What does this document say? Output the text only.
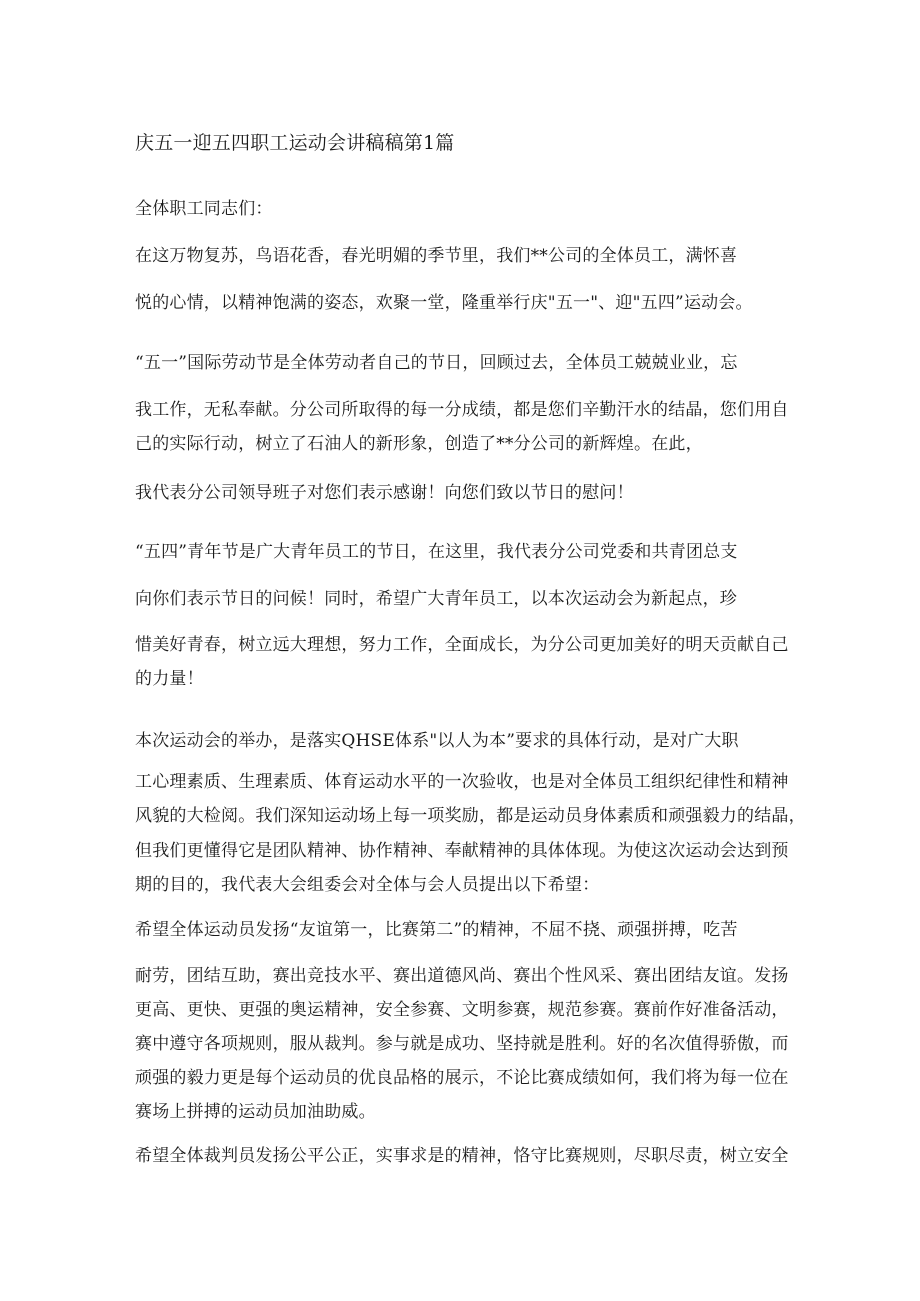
庆五一迎五四职工运动会讲稿稿第1篇
全体职工同志们：
在这万物复苏，鸟语花香，春光明媚的季节里，我们**公司的全体员工，满怀喜
悦的心情，以精神饱满的姿态，欢聚一堂，隆重举行庆"五一"、迎"五四”运动会。
“五一”国际劳动节是全体劳动者自己的节日，回顾过去，全体员工兢兢业业，忘
我工作，无私奉献。分公司所取得的每一分成绩，都是您们辛勤汗水的结晶，您们用自
己的实际行动，树立了石油人的新形象，创造了**分公司的新辉煌。在此，
我代表分公司领导班子对您们表示感谢！向您们致以节日的慰问！
“五四”青年节是广大青年员工的节日，在这里，我代表分公司党委和共青团总支
向你们表示节日的问候！同时，希望广大青年员工，以本次运动会为新起点，珍
惜美好青春，树立远大理想，努力工作，全面成长，为分公司更加美好的明天贡献自己
的力量！
本次运动会的举办，是落实QHSE体系"以人为本”要求的具体行动，是对广大职
工心理素质、生理素质、体育运动水平的一次验收，也是对全体员工组织纪律性和精神
风貌的大检阅。我们深知运动场上每一项奖励，都是运动员身体素质和顽强毅力的结晶，
但我们更懂得它是团队精神、协作精神、奉献精神的具体体现。为使这次运动会达到预
期的目的，我代表大会组委会对全体与会人员提出以下希望：
希望全体运动员发扬“友谊第一，比赛第二”的精神，不屈不挠、顽强拼搏，吃苦
耐劳，团结互助，赛出竞技水平、赛出道德风尚、赛出个性风采、赛出团结友谊。发扬
更高、更快、更强的奥运精神，安全参赛、文明参赛，规范参赛。赛前作好准备活动，
赛中遵守各项规则，服从裁判。参与就是成功、坚持就是胜利。好的名次值得骄傲，而
顽强的毅力更是每个运动员的优良品格的展示，不论比赛成绩如何，我们将为每一位在
赛场上拼搏的运动员加油助威。
希望全体裁判员发扬公平公正，实事求是的精神，恪守比赛规则，尽职尽责，树立安全
